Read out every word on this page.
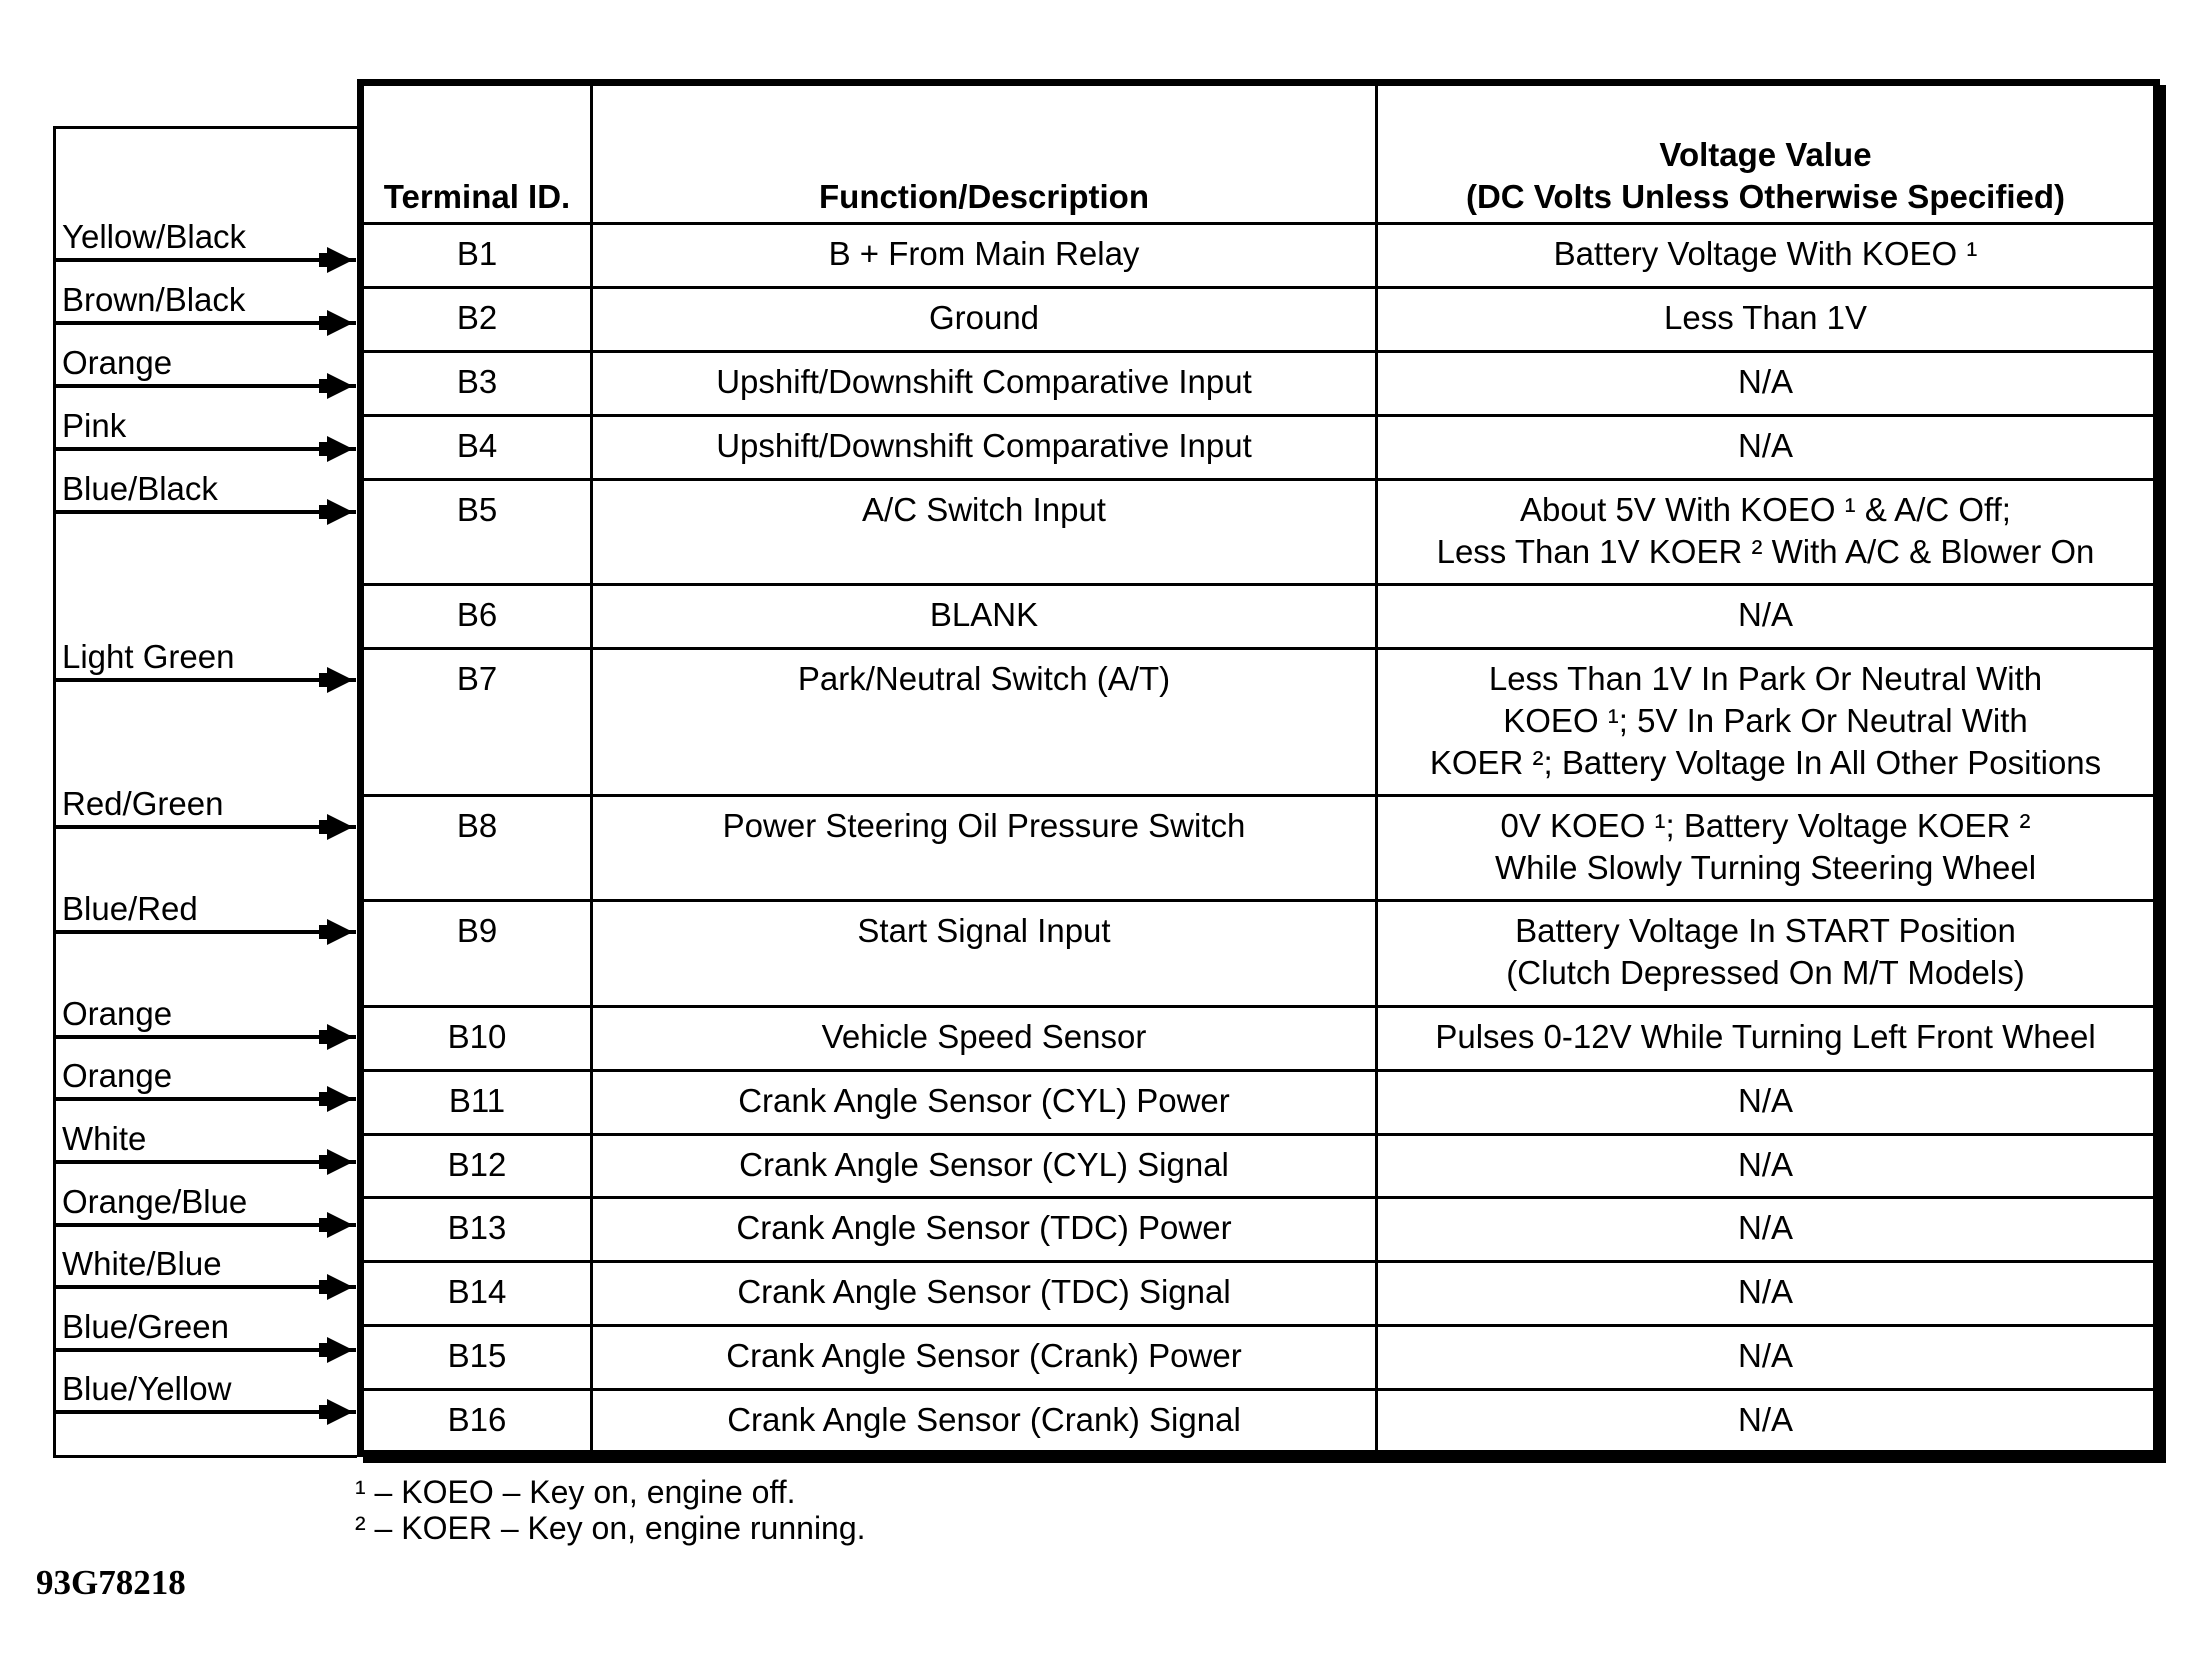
Yellow/Black
Brown/Black
Orange
Pink
Blue/Black
Light Green
Red/Green
Blue/Red
Orange
Orange
White
Orange/Blue
White/Blue
Blue/Green
Blue/Yellow
Terminal ID.	Function/Description	Voltage Value
(DC Volts Unless Otherwise Specified)

B1	B + From Main Relay	Battery Voltage With KOEO ¹

B2	Ground	Less Than 1V

B3	Upshift/Downshift Comparative Input	N/A

B4	Upshift/Downshift Comparative Input	N/A

B5	A/C Switch Input	About 5V With KOEO ¹ & A/C Off;
Less Than 1V KOER ² With A/C & Blower On

B6	BLANK	N/A

B7	Park/Neutral Switch (A/T)	Less Than 1V In Park Or Neutral With
KOEO ¹; 5V In Park Or Neutral With
KOER ²; Battery Voltage In All Other Positions

B8	Power Steering Oil Pressure Switch	0V KOEO ¹; Battery Voltage KOER ²
While Slowly Turning Steering Wheel

B9	Start Signal Input	Battery Voltage In START Position
(Clutch Depressed On M/T Models)

B10	Vehicle Speed Sensor	Pulses 0-12V While Turning Left Front Wheel

B11	Crank Angle Sensor (CYL) Power	N/A

B12	Crank Angle Sensor (CYL) Signal	N/A

B13	Crank Angle Sensor (TDC) Power	N/A

B14	Crank Angle Sensor (TDC) Signal	N/A

B15	Crank Angle Sensor (Crank) Power	N/A

B16	Crank Angle Sensor (Crank) Signal	N/A
¹ – KOEO – Key on, engine off.
² – KOER – Key on, engine running.
93G78218
